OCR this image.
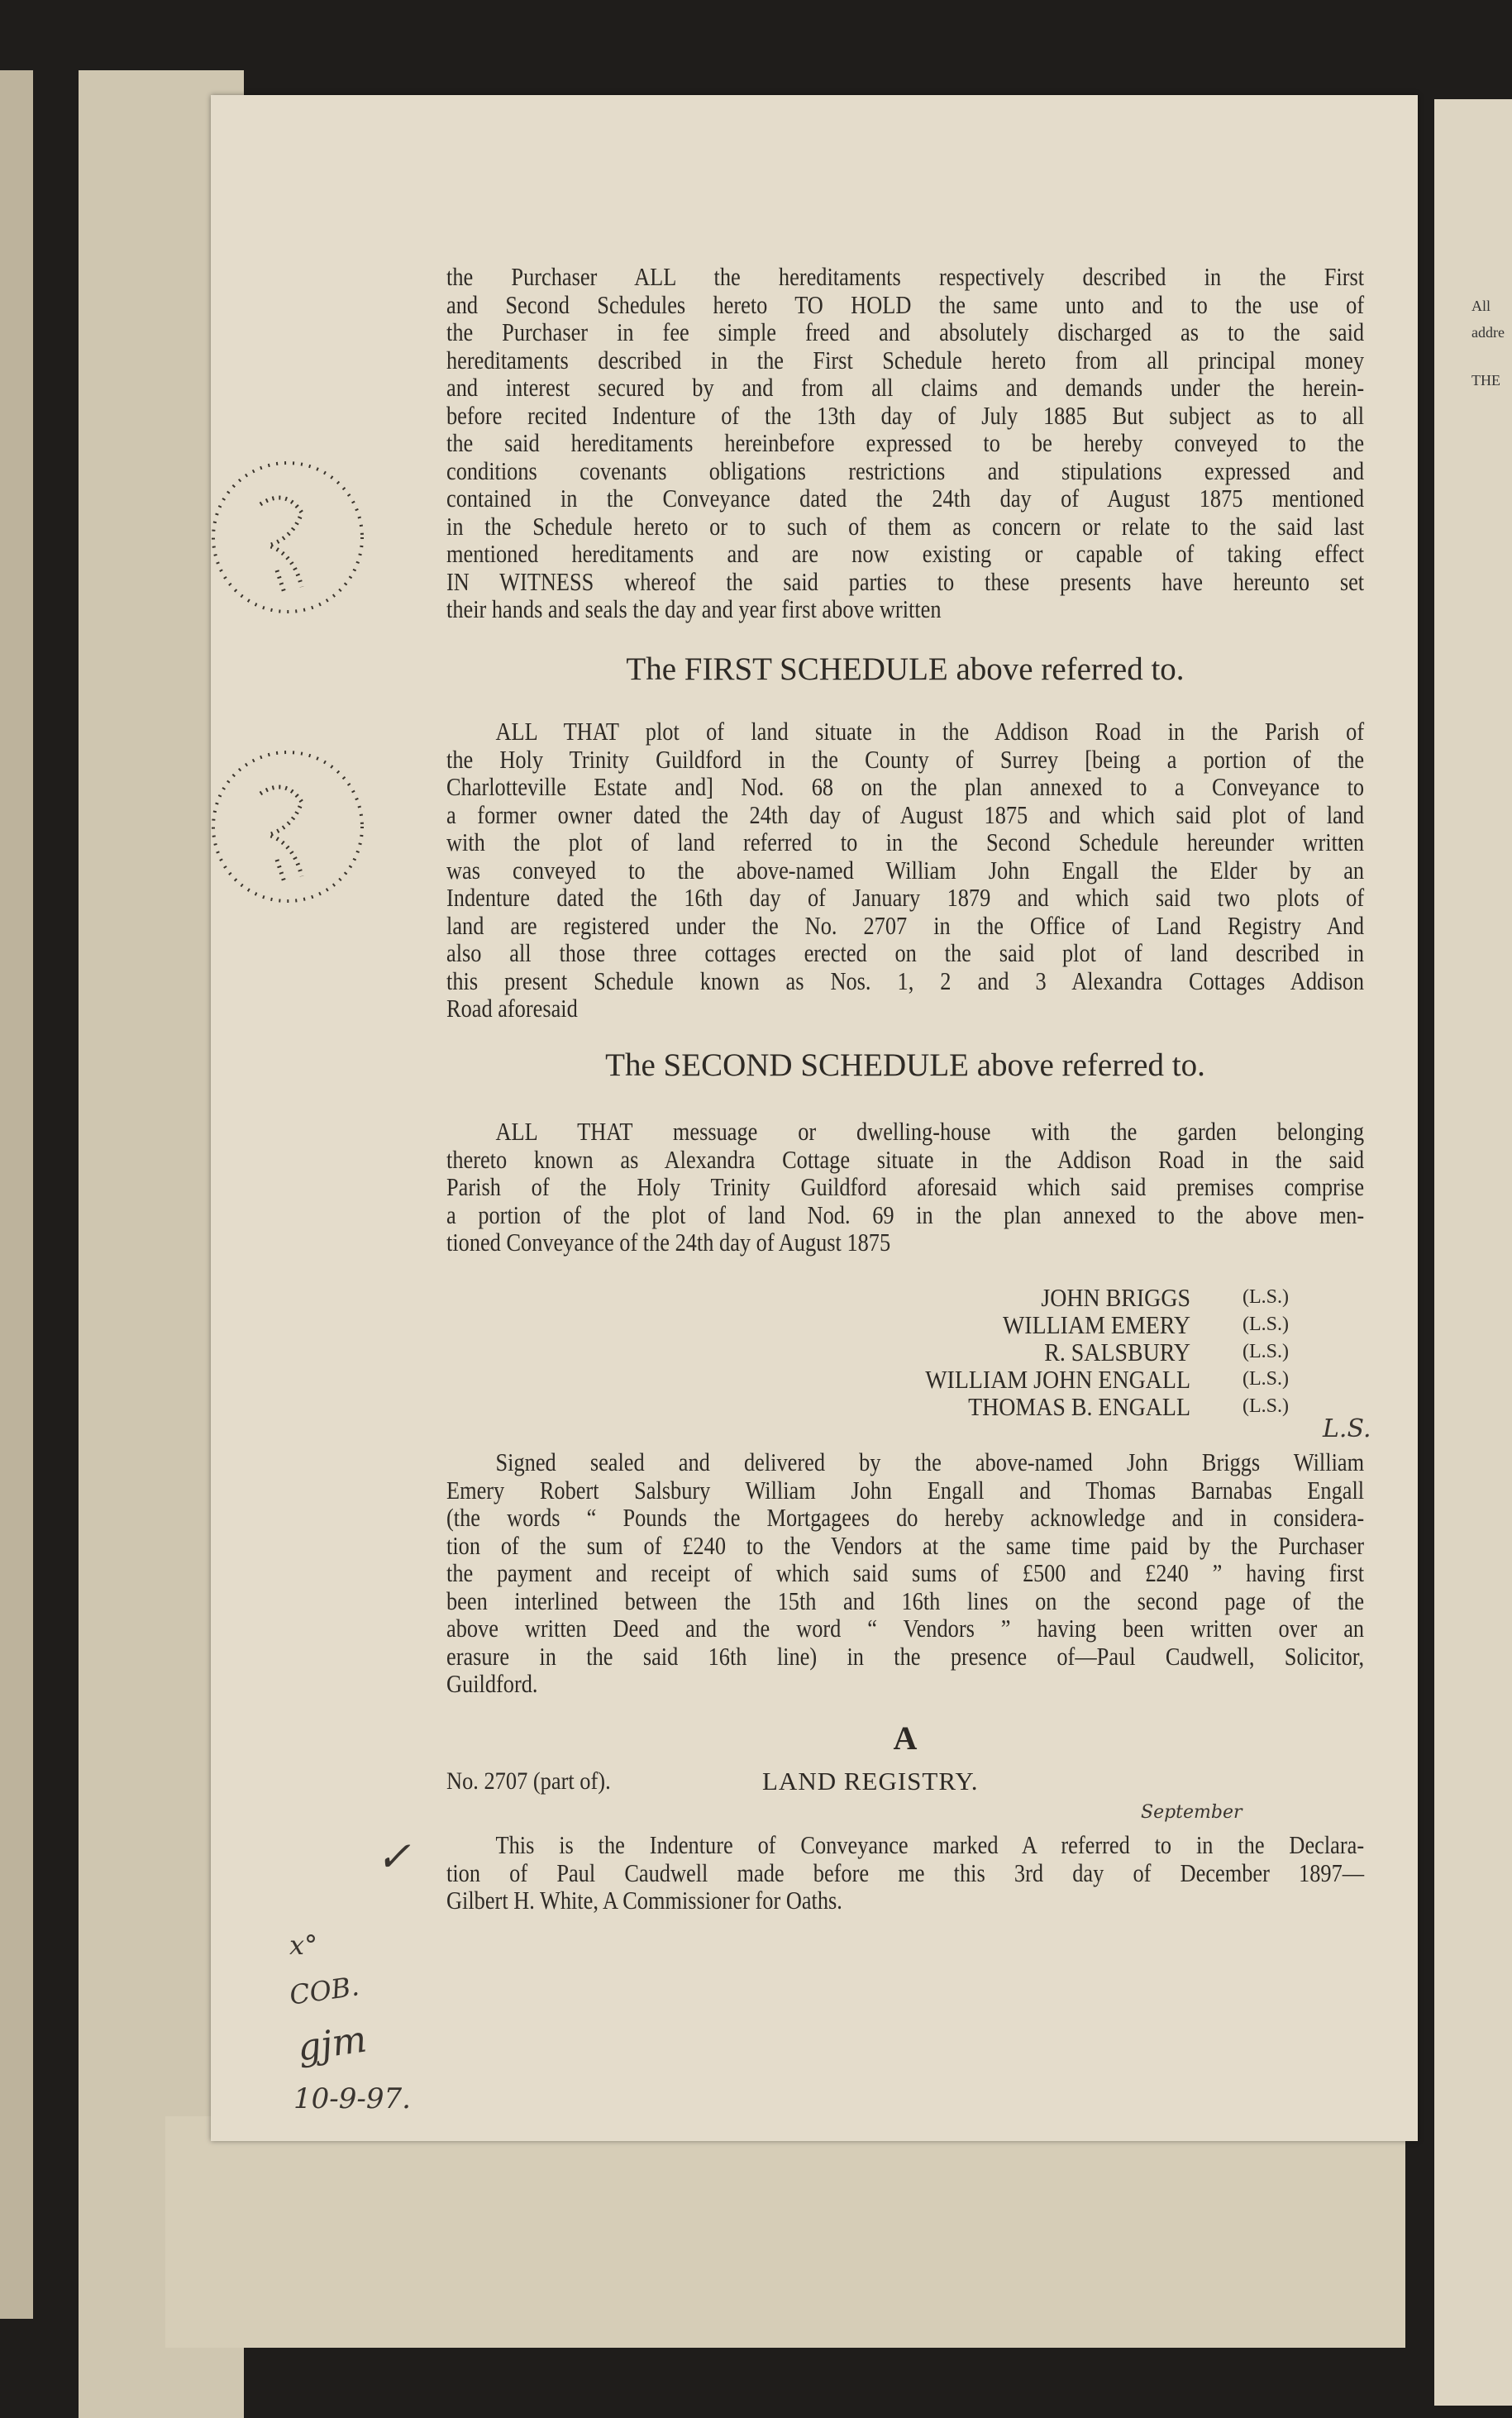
All
addre
THE
the Purchaser ALL the hereditaments respectively described in the First
and Second Schedules hereto TO HOLD the same unto and to the use of
the Purchaser in fee simple freed and absolutely discharged as to the said
hereditaments described in the First Schedule hereto from all principal money
and interest secured by and from all claims and demands under the herein-
before recited Indenture of the 13th day of July 1885 But subject as to all
the said hereditaments hereinbefore expressed to be hereby conveyed to the
conditions covenants obligations restrictions and stipulations expressed and
contained in the Conveyance dated the 24th day of August 1875 mentioned
in the Schedule hereto or to such of them as concern or relate to the said last
mentioned hereditaments and are now existing or capable of taking effect
IN WITNESS whereof the said parties to these presents have hereunto set
their hands and seals the day and year first above written
The FIRST SCHEDULE above referred to.
ALL THAT plot of land situate in the Addison Road in the Parish of
the Holy Trinity Guildford in the County of Surrey [being a portion of the
Charlotteville Estate and] Nod. 68 on the plan annexed to a Conveyance to
a former owner dated the 24th day of August 1875 and which said plot of land
with the plot of land referred to in the Second Schedule hereunder written
was conveyed to the above-named William John Engall the Elder by an
Indenture dated the 16th day of January 1879 and which said two plots of
land are registered under the No. 2707 in the Office of Land Registry And
also all those three cottages erected on the said plot of land described in
this present Schedule known as Nos. 1, 2 and 3 Alexandra Cottages Addison
Road aforesaid
The SECOND SCHEDULE above referred to.
ALL THAT messuage or dwelling-house with the garden belonging
thereto known as Alexandra Cottage situate in the Addison Road in the said
Parish of the Holy Trinity Guildford aforesaid which said premises comprise
a portion of the plot of land Nod. 69 in the plan annexed to the above men-
tioned Conveyance of the 24th day of August 1875
JOHN BRIGGS	(L.S.)
WILLIAM EMERY	(L.S.)
R. SALSBURY	(L.S.)
WILLIAM JOHN ENGALL	(L.S.)
THOMAS B. ENGALL	(L.S.)
L.S.
Signed sealed and delivered by the above-named John Briggs William
Emery Robert Salsbury William John Engall and Thomas Barnabas Engall
(the words “ Pounds the Mortgagees do hereby acknowledge and in considera-
tion of the sum of £240 to the Vendors at the same time paid by the Purchaser
the payment and receipt of which said sums of £500 and £240 ” having first
been interlined between the 15th and 16th lines on the second page of the
above written Deed and the word “ Vendors ” having been written over an
erasure in the said 16th line) in the presence of—Paul Caudwell, Solicitor,
Guildford.
A
No. 2707 (part of).	LAND REGISTRY.
September
This is the Indenture of Conveyance marked A referred to in the Declara-
tion of Paul Caudwell made before me this 3rd day of December 1897—
Gilbert H. White, A Commissioner for Oaths.
✓
x°
COB.
gjm
10-9-97.
